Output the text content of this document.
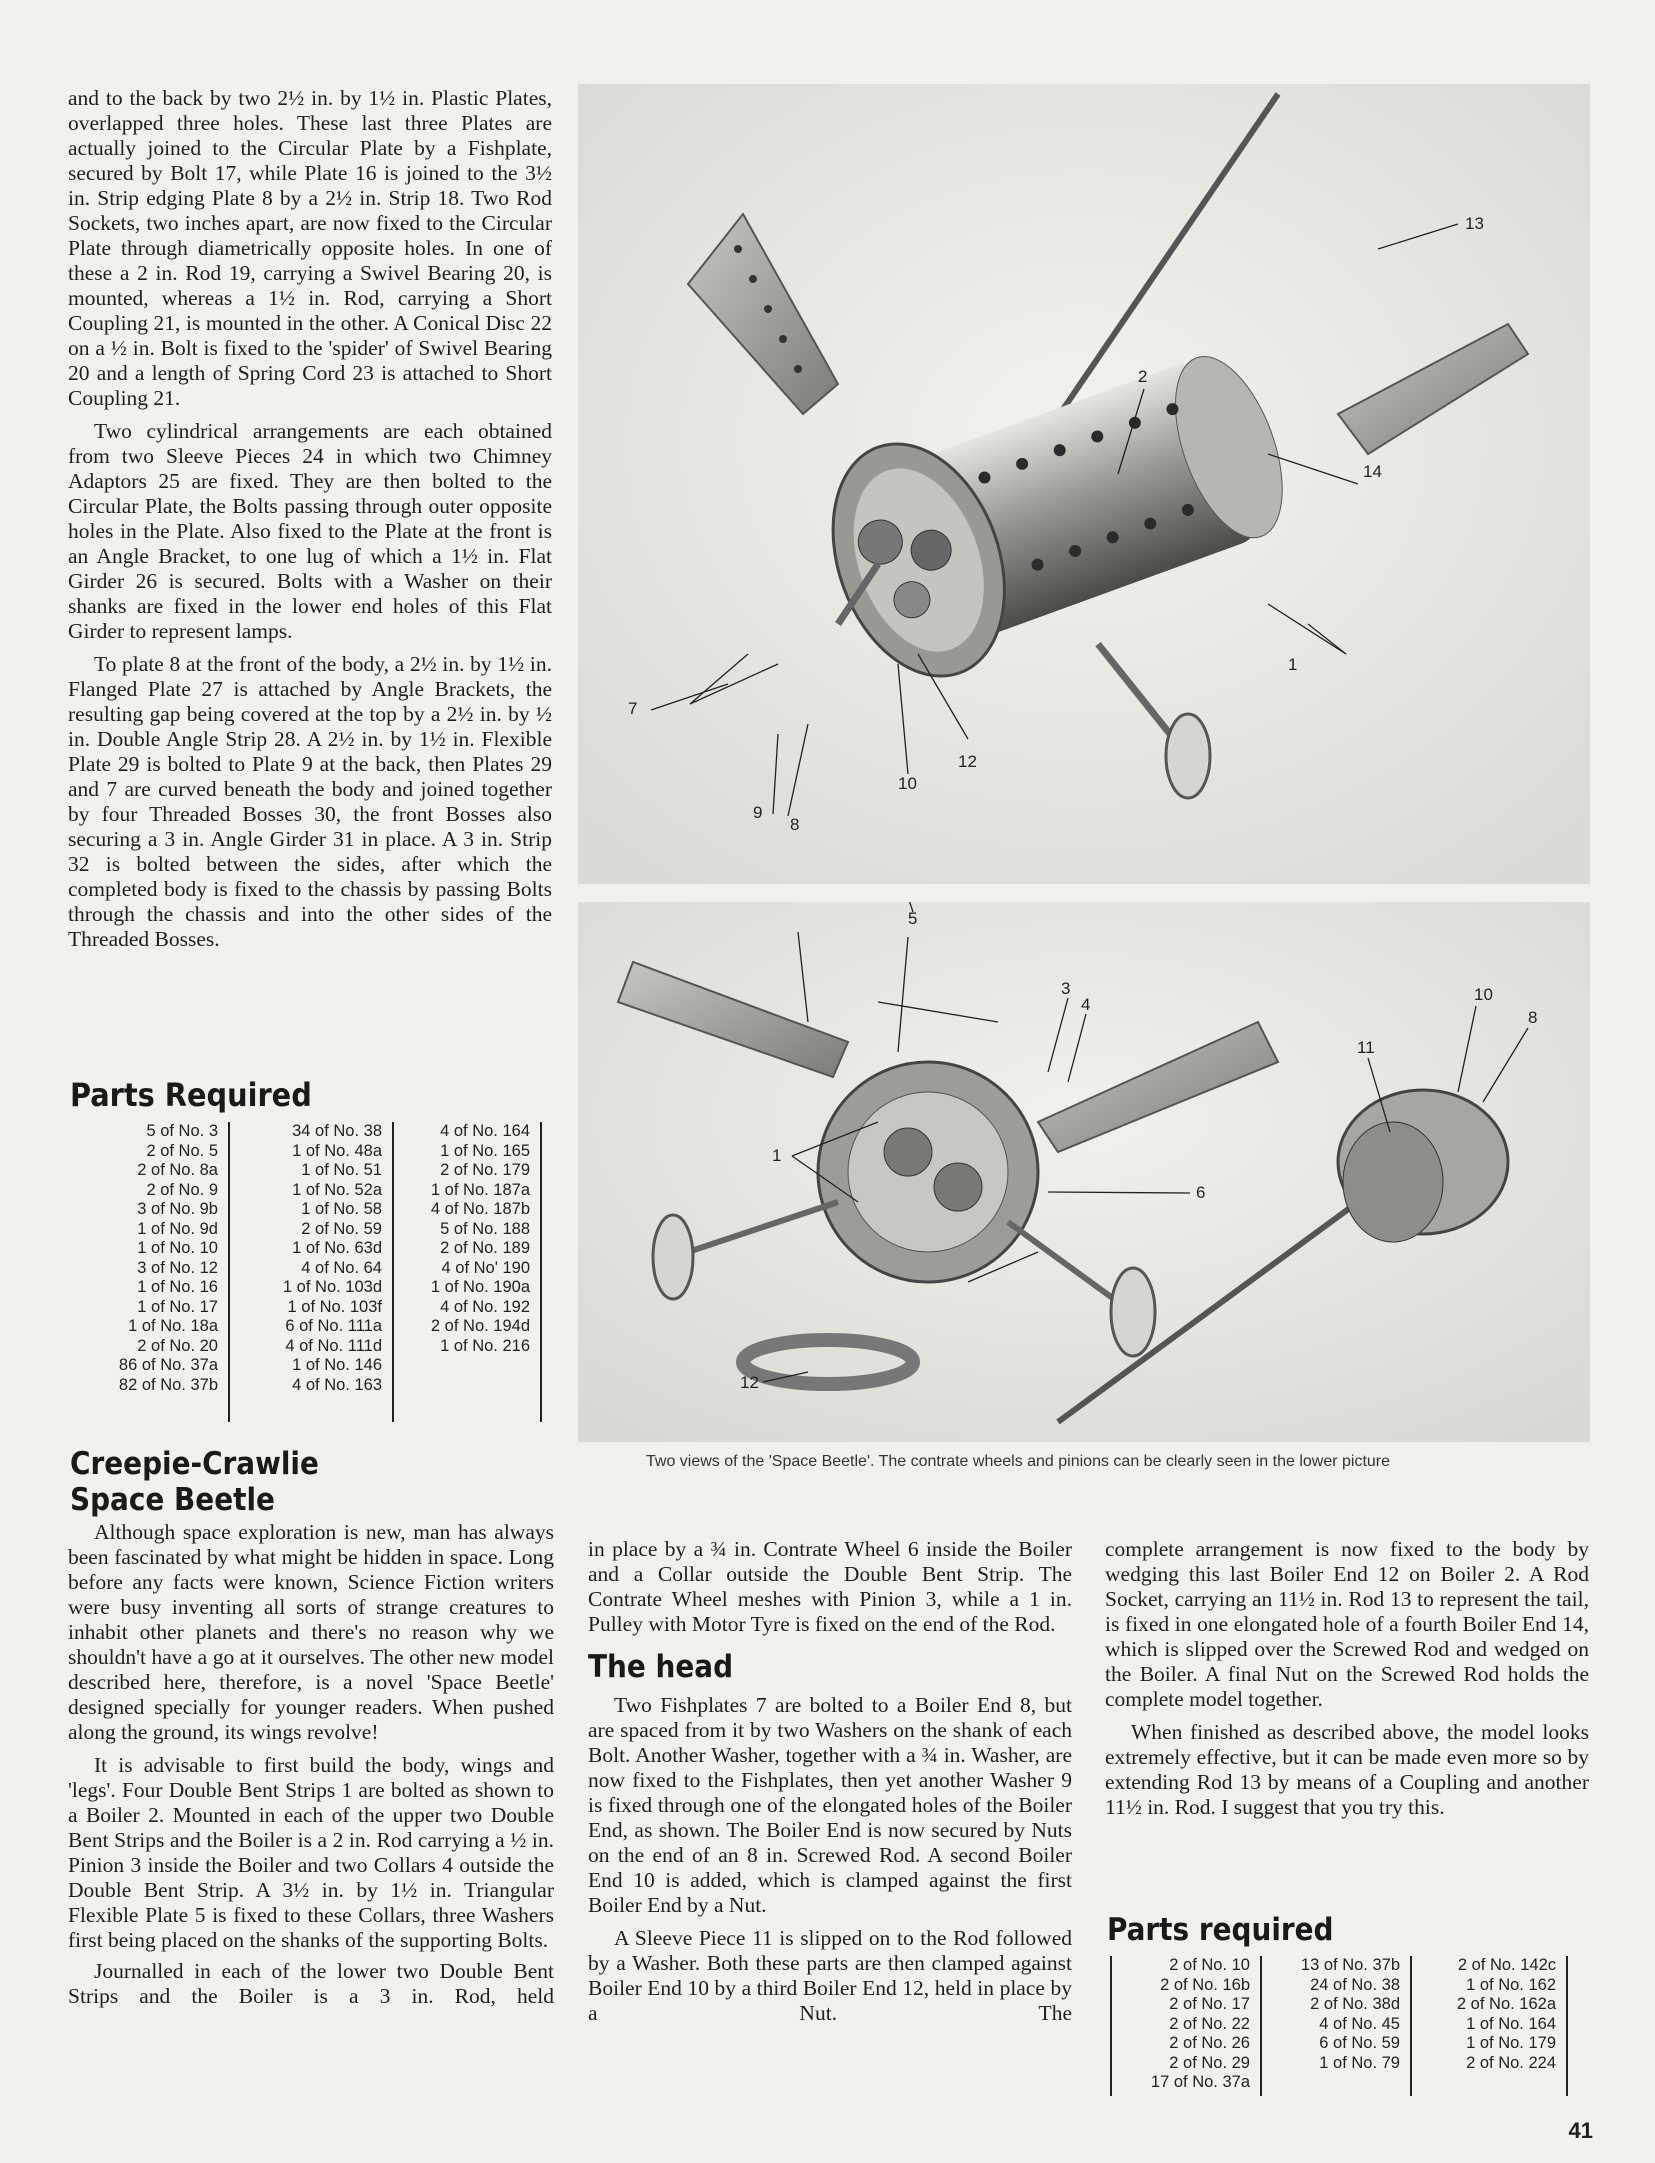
and to the back by two 2½ in. by 1½ in. Plastic Plates, overlapped three holes. These last three Plates are actually joined to the Circular Plate by a Fishplate, secured by Bolt 17, while Plate 16 is joined to the 3½ in. Strip edging Plate 8 by a 2½ in. Strip 18. Two Rod Sockets, two inches apart, are now fixed to the Circular Plate through diametrically opposite holes. In one of these a 2 in. Rod 19, carrying a Swivel Bearing 20, is mounted, whereas a 1½ in. Rod, carrying a Short Coupling 21, is mounted in the other. A Conical Disc 22 on a ½ in. Bolt is fixed to the 'spider' of Swivel Bearing 20 and a length of Spring Cord 23 is attached to Short Coupling 21.

Two cylindrical arrangements are each obtained from two Sleeve Pieces 24 in which two Chimney Adaptors 25 are fixed. They are then bolted to the Circular Plate, the Bolts passing through outer opposite holes in the Plate. Also fixed to the Plate at the front is an Angle Bracket, to one lug of which a 1½ in. Flat Girder 26 is secured. Bolts with a Washer on their shanks are fixed in the lower end holes of this Flat Girder to represent lamps.

To plate 8 at the front of the body, a 2½ in. by 1½ in. Flanged Plate 27 is attached by Angle Brackets, the resulting gap being covered at the top by a 2½ in. by ½ in. Double Angle Strip 28. A 2½ in. by 1½ in. Flexible Plate 29 is bolted to Plate 9 at the back, then Plates 29 and 7 are curved beneath the body and joined together by four Threaded Bosses 30, the front Bosses also securing a 3 in. Angle Girder 31 in place. A 3 in. Strip 32 is bolted between the sides, after which the completed body is fixed to the chassis by passing Bolts through the chassis and into the other sides of the Threaded Bosses.

Parts Required
5 of No. 3
2 of No. 5
2 of No. 8a
2 of No. 9
3 of No. 9b
1 of No. 9d
1 of No. 10
3 of No. 12
1 of No. 16
1 of No. 17
1 of No. 18a
2 of No. 20
86 of No. 37a
82 of No. 37b
34 of No. 38
1 of No. 48a
1 of No. 51
1 of No. 52a
1 of No. 58
2 of No. 59
1 of No. 63d
4 of No. 64
1 of No. 103d
1 of No. 103f
6 of No. 111a
4 of No. 111d
1 of No. 146
4 of No. 163
4 of No. 164
1 of No. 165
2 of No. 179
1 of No. 187a
4 of No. 187b
5 of No. 188
2 of No. 189
4 of No' 190
1 of No. 190a
4 of No. 192
2 of No. 194d
1 of No. 216
Creepie-Crawlie
Space Beetle

Although space exploration is new, man has always been fascinated by what might be hidden in space. Long before any facts were known, Science Fiction writers were busy inventing all sorts of strange creatures to inhabit other planets and there's no reason why we shouldn't have a go at it ourselves. The other new model described here, therefore, is a novel 'Space Beetle' designed specially for younger readers. When pushed along the ground, its wings revolve!

It is advisable to first build the body, wings and 'legs'. Four Double Bent Strips 1 are bolted as shown to a Boiler 2. Mounted in each of the upper two Double Bent Strips and the Boiler is a 2 in. Rod carrying a ½ in. Pinion 3 inside the Boiler and two Collars 4 outside the Double Bent Strip. A 3½ in. by 1½ in. Triangular Flexible Plate 5 is fixed to these Collars, three Washers first being placed on the shanks of the supporting Bolts.

Journalled in each of the lower two Double Bent Strips and the Boiler is a 3 in. Rod, held

in place by a ¾ in. Contrate Wheel 6 inside the Boiler and a Collar outside the Double Bent Strip. The Contrate Wheel meshes with Pinion 3, while a 1 in. Pulley with Motor Tyre is fixed on the end of the Rod.

The head

Two Fishplates 7 are bolted to a Boiler End 8, but are spaced from it by two Washers on the shank of each Bolt. Another Washer, together with a ¾ in. Washer, are now fixed to the Fishplates, then yet another Washer 9 is fixed through one of the elongated holes of the Boiler End, as shown. The Boiler End is now secured by Nuts on the end of an 8 in. Screwed Rod. A second Boiler End 10 is added, which is clamped against the first Boiler End by a Nut.

A Sleeve Piece 11 is slipped on to the Rod followed by a Washer. Both these parts are then clamped against Boiler End 10 by a third Boiler End 12, held in place by a Nut. The

complete arrangement is now fixed to the body by wedging this last Boiler End 12 on Boiler 2. A Rod Socket, carrying an 11½ in. Rod 13 to represent the tail, is fixed in one elongated hole of a fourth Boiler End 14, which is slipped over the Screwed Rod and wedged on the Boiler. A final Nut on the Screwed Rod holds the complete model together.

When finished as described above, the model looks extremely effective, but it can be made even more so by extending Rod 13 by means of a Coupling and another 11½ in. Rod. I suggest that you try this.

Parts required
2 of No. 10
2 of No. 16b
2 of No. 17
2 of No. 22
2 of No. 26
2 of No. 29
17 of No. 37a
13 of No. 37b
24 of No. 38
2 of No. 38d
4 of No. 45
6 of No. 59
1 of No. 79
2 of No. 142c
1 of No. 162
2 of No. 162a
1 of No. 164
1 of No. 179
2 of No. 224
13
2
14
1
7
9
8
10
12
5
3
4
10
8
11
1
6
12
Two views of the 'Space Beetle'. The contrate wheels and pinions can be clearly seen in the lower picture
41
